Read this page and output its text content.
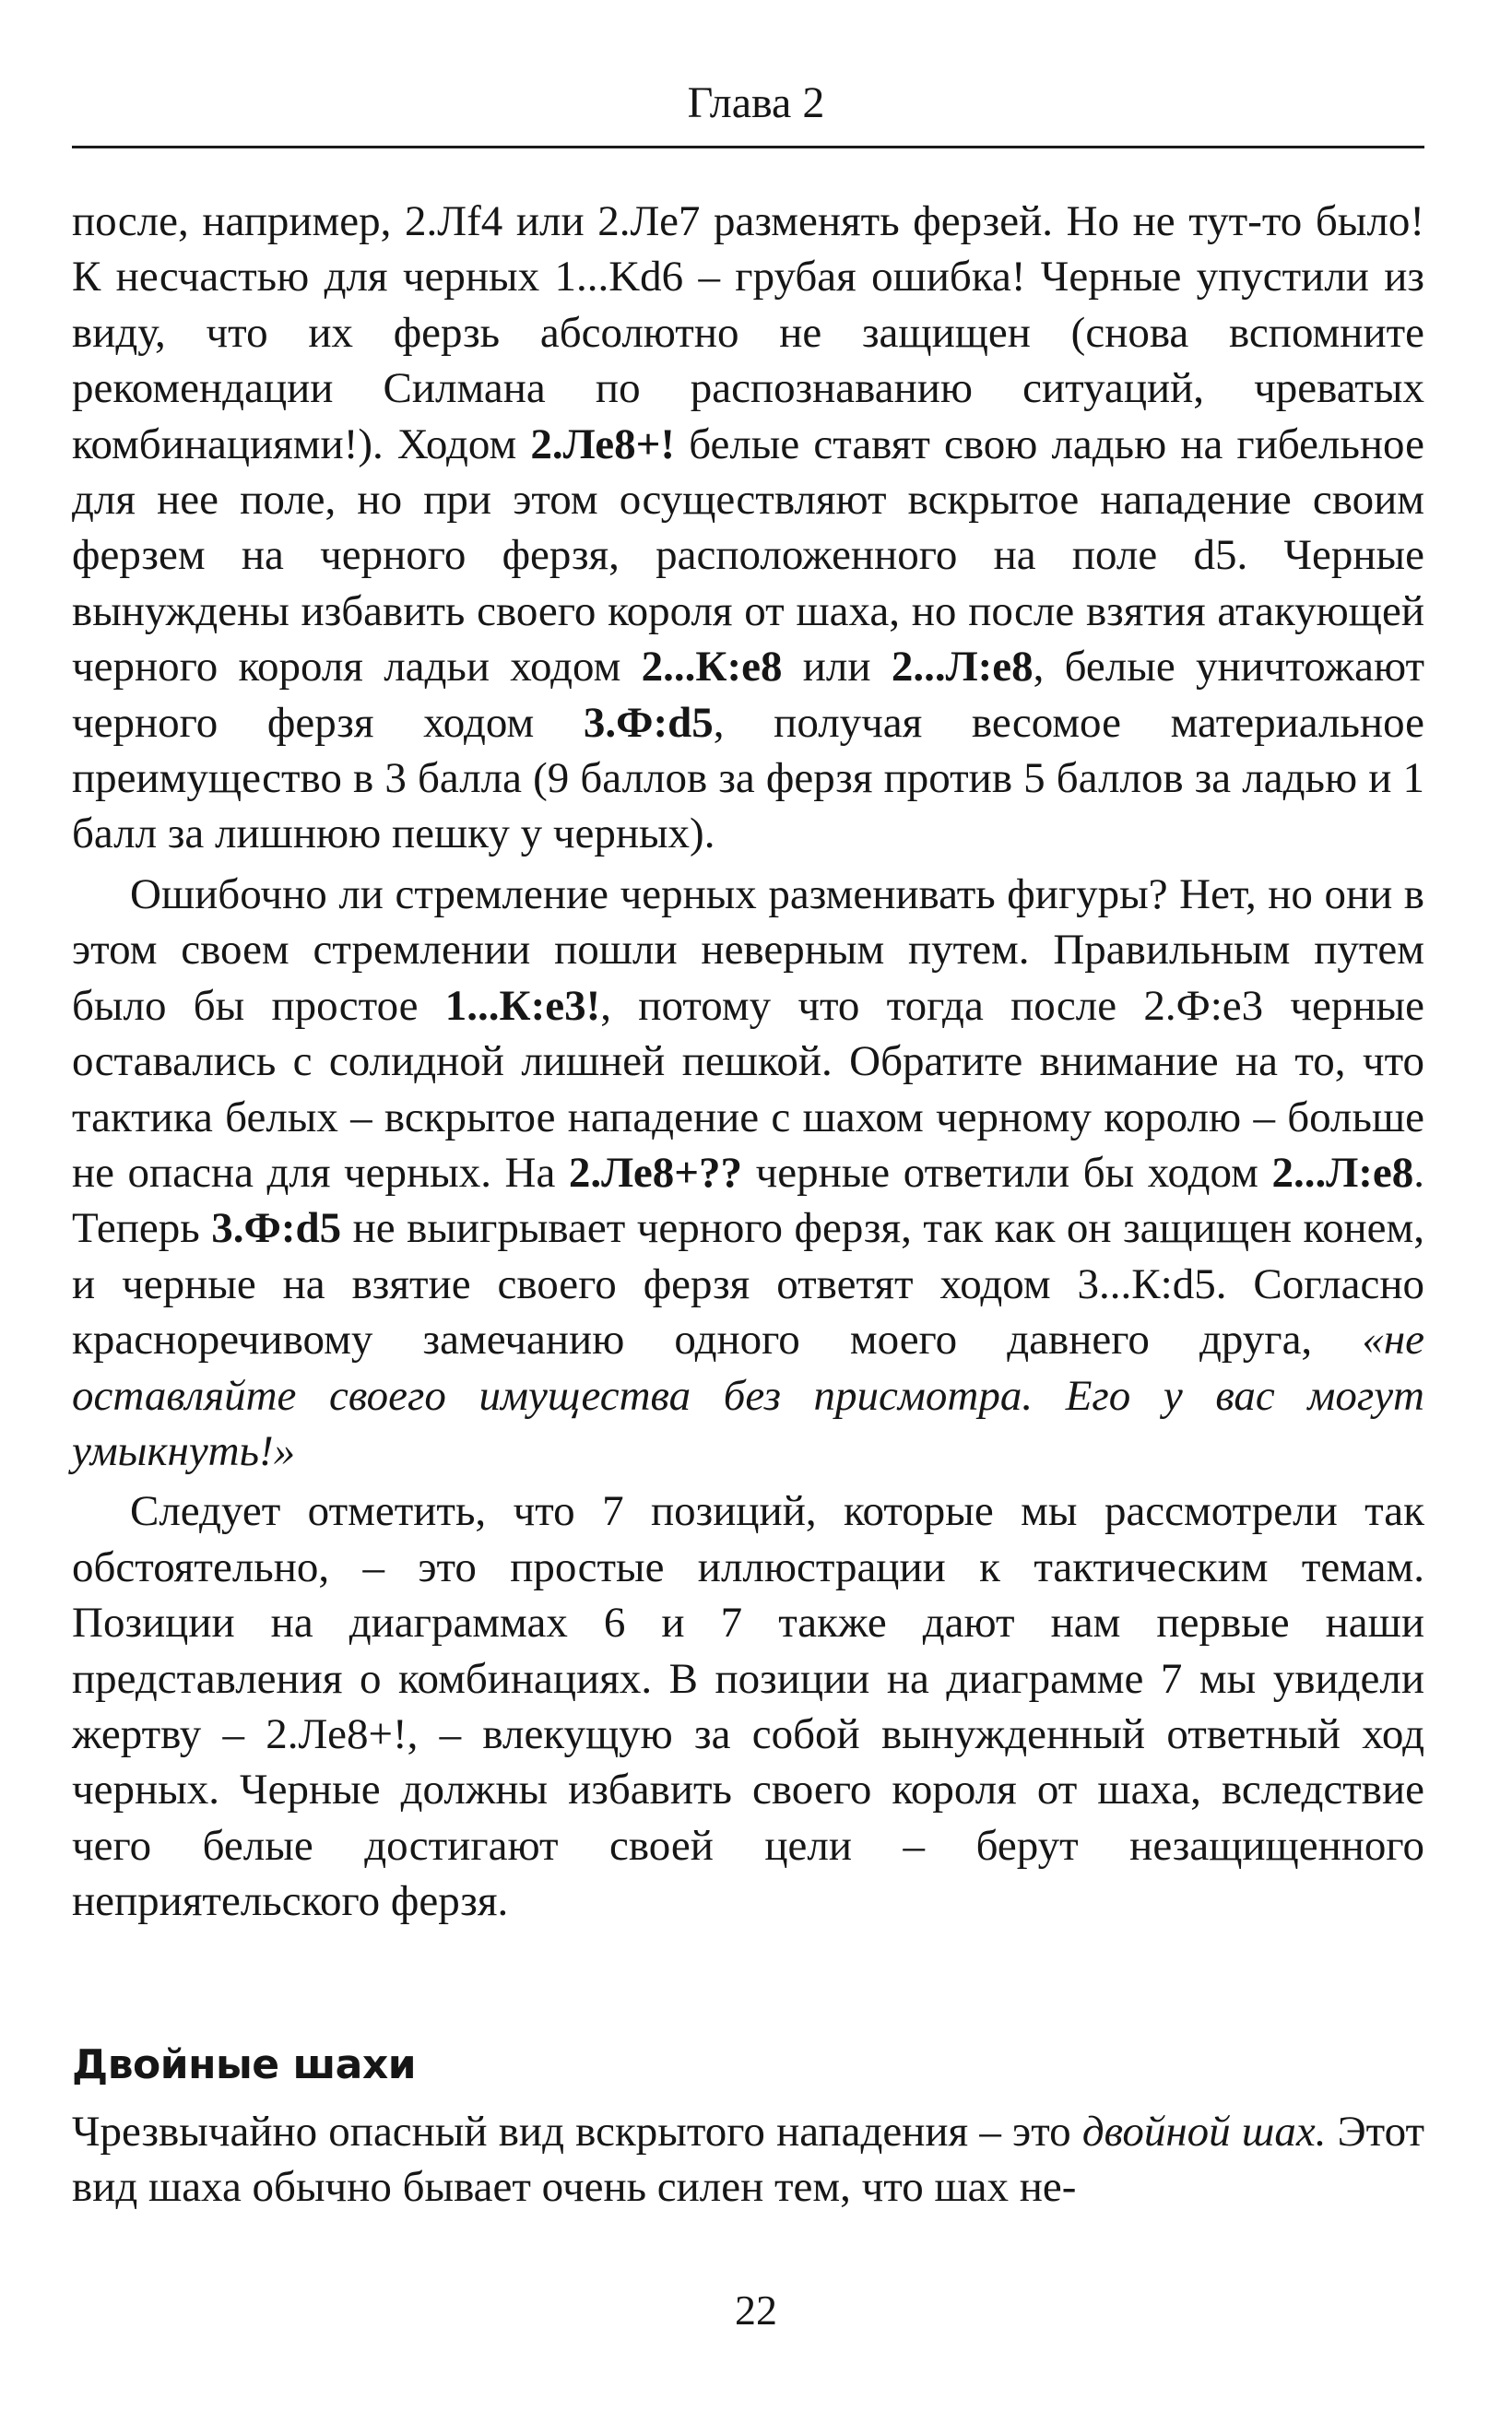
Глава 2

после, например, 2.Лf4 или 2.Ле7 разменять ферзей. Но не тут-то было! К несчастью для черных 1...Kd6 – грубая ошибка! Черные упустили из виду, что их ферзь абсолютно не защищен (снова вспомните рекомендации Силмана по распознаванию ситуаций, чреватых комбинациями!). Ходом 2.Ле8+! белые ставят свою ладью на гибельное для нее поле, но при этом осуществляют вскрытое нападение своим ферзем на черного ферзя, расположенного на поле d5. Черные вынуждены избавить своего короля от шаха, но после взятия атакующей черного короля ладьи ходом 2...К:е8 или 2...Л:е8, белые уничтожают черного ферзя ходом 3.Ф:d5, получая весомое материальное преимущество в 3 балла (9 баллов за ферзя против 5 баллов за ладью и 1 балл за лишнюю пешку у черных).

Ошибочно ли стремление черных разменивать фигуры? Нет, но они в этом своем стремлении пошли неверным путем. Правильным путем было бы простое 1...К:е3!, потому что тогда после 2.Ф:е3 черные оставались с солидной лишней пешкой. Обратите внимание на то, что тактика белых – вскрытое нападение с шахом черному королю – больше не опасна для черных. На 2.Ле8+?? черные ответили бы ходом 2...Л:е8. Теперь 3.Ф:d5 не выигрывает черного ферзя, так как он защищен конем, и черные на взятие своего ферзя ответят ходом 3...К:d5. Согласно красноречивому замечанию одного моего давнего друга, «не оставляйте своего имущества без присмотра. Его у вас могут умыкнуть!»

Следует отметить, что 7 позиций, которые мы рассмотрели так обстоятельно, – это простые иллюстрации к тактическим темам. Позиции на диаграммах 6 и 7 также дают нам первые наши представления о комбинациях. В позиции на диаграмме 7 мы увидели жертву – 2.Ле8+!, – влекущую за собой вынужденный ответный ход черных. Черные должны избавить своего короля от шаха, вследствие чего белые достигают своей цели – берут незащищенного неприятельского ферзя.

Двойные шахи

Чрезвычайно опасный вид вскрытого нападения – это двойной шах. Этот вид шаха обычно бывает очень силен тем, что шах не-

22
